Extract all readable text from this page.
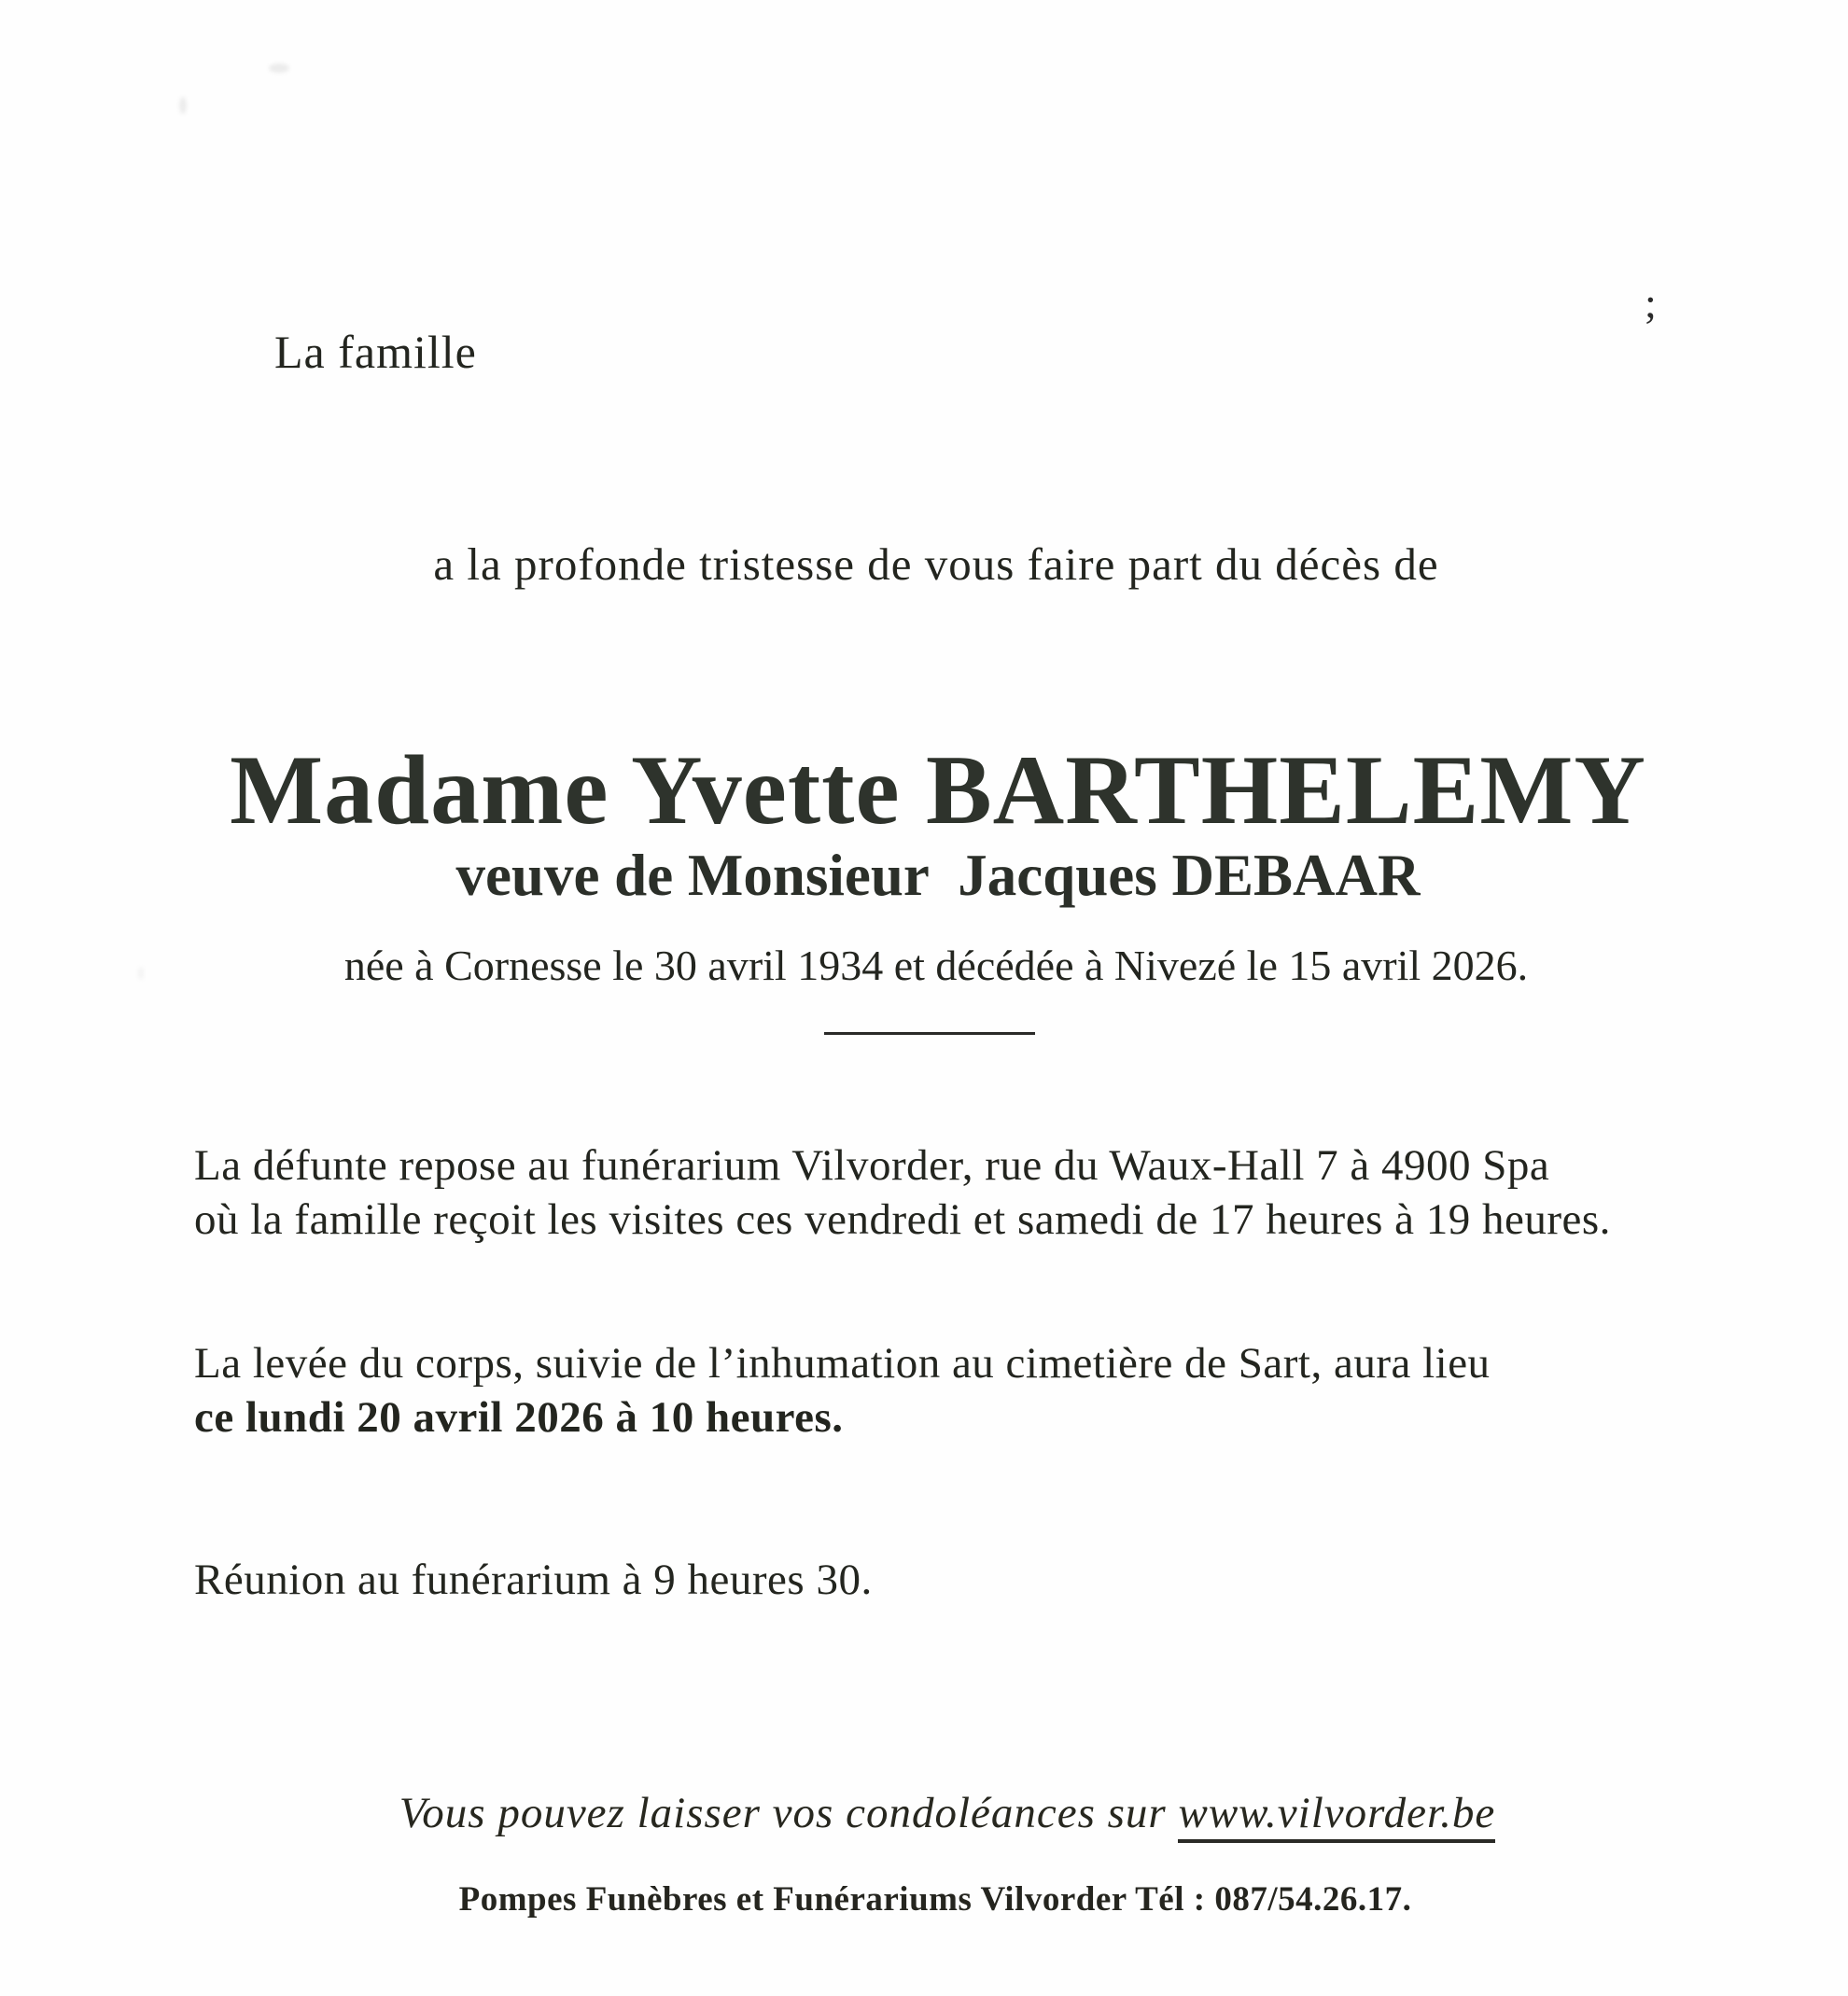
La famille
;
a la profonde tristesse de vous faire part du décès de
Madame Yvette BARTHELEMY
veuve de Monsieur  Jacques DEBAAR
née à Cornesse le 30 avril 1934 et décédée à Nivezé le 15 avril 2026.
La défunte repose au funérarium Vilvorder, rue du Waux-Hall 7 à 4900 Spa
où la famille reçoit les visites ces vendredi et samedi de 17 heures à 19 heures.
La levée du corps, suivie de l’inhumation au cimetière de Sart, aura lieu
ce lundi 20 avril 2026 à 10 heures.
Réunion au funérarium à 9 heures 30.
Vous pouvez laisser vos condoléances sur www.vilvorder.be
Pompes Funèbres et Funérariums Vilvorder Tél : 087/54.26.17.
